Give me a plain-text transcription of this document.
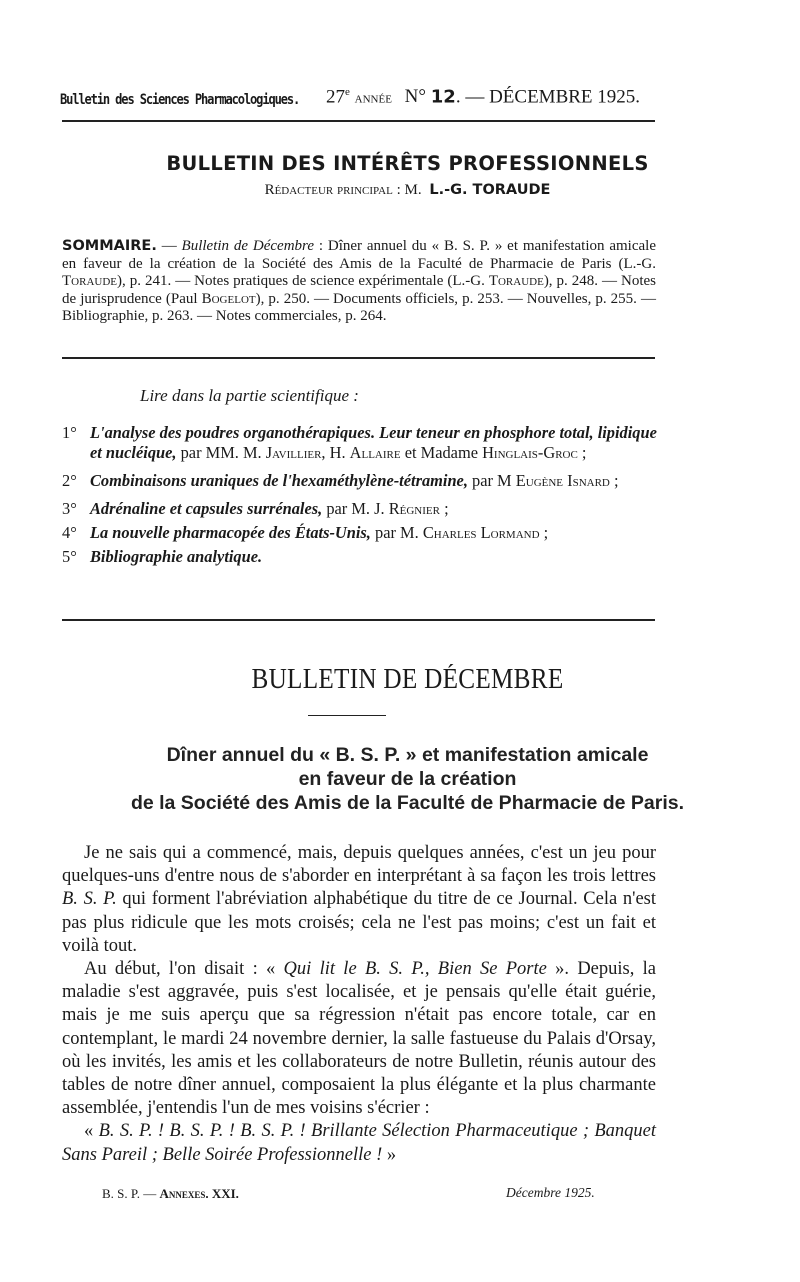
Bulletin des Sciences Pharmacologiques. 27e année N° 12. — DÉCEMBRE 1925.
BULLETIN DES INTÉRÊTS PROFESSIONNELS
Rédacteur principal : M. L.-G. TORAUDE
SOMMAIRE. — Bulletin de Décembre : Dîner annuel du « B. S. P. » et manifestation amicale en faveur de la création de la Société des Amis de la Faculté de Pharmacie de Paris (L.-G. Toraude), p. 241. — Notes pratiques de science expérimentale (L.-G. Toraude), p. 248. — Notes de jurisprudence (Paul Bogelot), p. 250. — Documents officiels, p. 253. — Nouvelles, p. 255. — Bibliographie, p. 263. — Notes commerciales, p. 264.
Lire dans la partie scientifique :
1° L'analyse des poudres organothérapiques. Leur teneur en phosphore total, lipidique et nucléique, par MM. M. Javillier, H. Allaire et Madame Hinglais-Groc ;
2° Combinaisons uraniques de l'hexaméthylène-tétramine, par M Eugène Isnard ;
3° Adrénaline et capsules surrénales, par M. J. Régnier ;
4° La nouvelle pharmacopée des États-Unis, par M. Charles Lormand ;
5° Bibliographie analytique.
BULLETIN DE DÉCEMBRE
Dîner annuel du « B. S. P. » et manifestation amicale
en faveur de la création
de la Société des Amis de la Faculté de Pharmacie de Paris.

Je ne sais qui a commencé, mais, depuis quelques années, c'est un jeu pour quelques-uns d'entre nous de s'aborder en interprétant à sa façon les trois lettres B. S. P. qui forment l'abréviation alphabétique du titre de ce Journal. Cela n'est pas plus ridicule que les mots croisés; cela ne l'est pas moins; c'est un fait et voilà tout.

Au début, l'on disait : « Qui lit le B. S. P., Bien Se Porte ». Depuis, la maladie s'est aggravée, puis s'est localisée, et je pensais qu'elle était guérie, mais je me suis aperçu que sa régression n'était pas encore totale, car en contemplant, le mardi 24 novembre dernier, la salle fastueuse du Palais d'Orsay, où les invités, les amis et les collaborateurs de notre Bulletin, réunis autour des tables de notre dîner annuel, composaient la plus élégante et la plus charmante assemblée, j'entendis l'un de mes voisins s'écrier :

« B. S. P. ! B. S. P. ! B. S. P. ! Brillante Sélection Pharmaceutique ; Banquet Sans Pareil ; Belle Soirée Professionnelle ! »

B. S. P. — Annexes. XXI.	Décembre 1925.
